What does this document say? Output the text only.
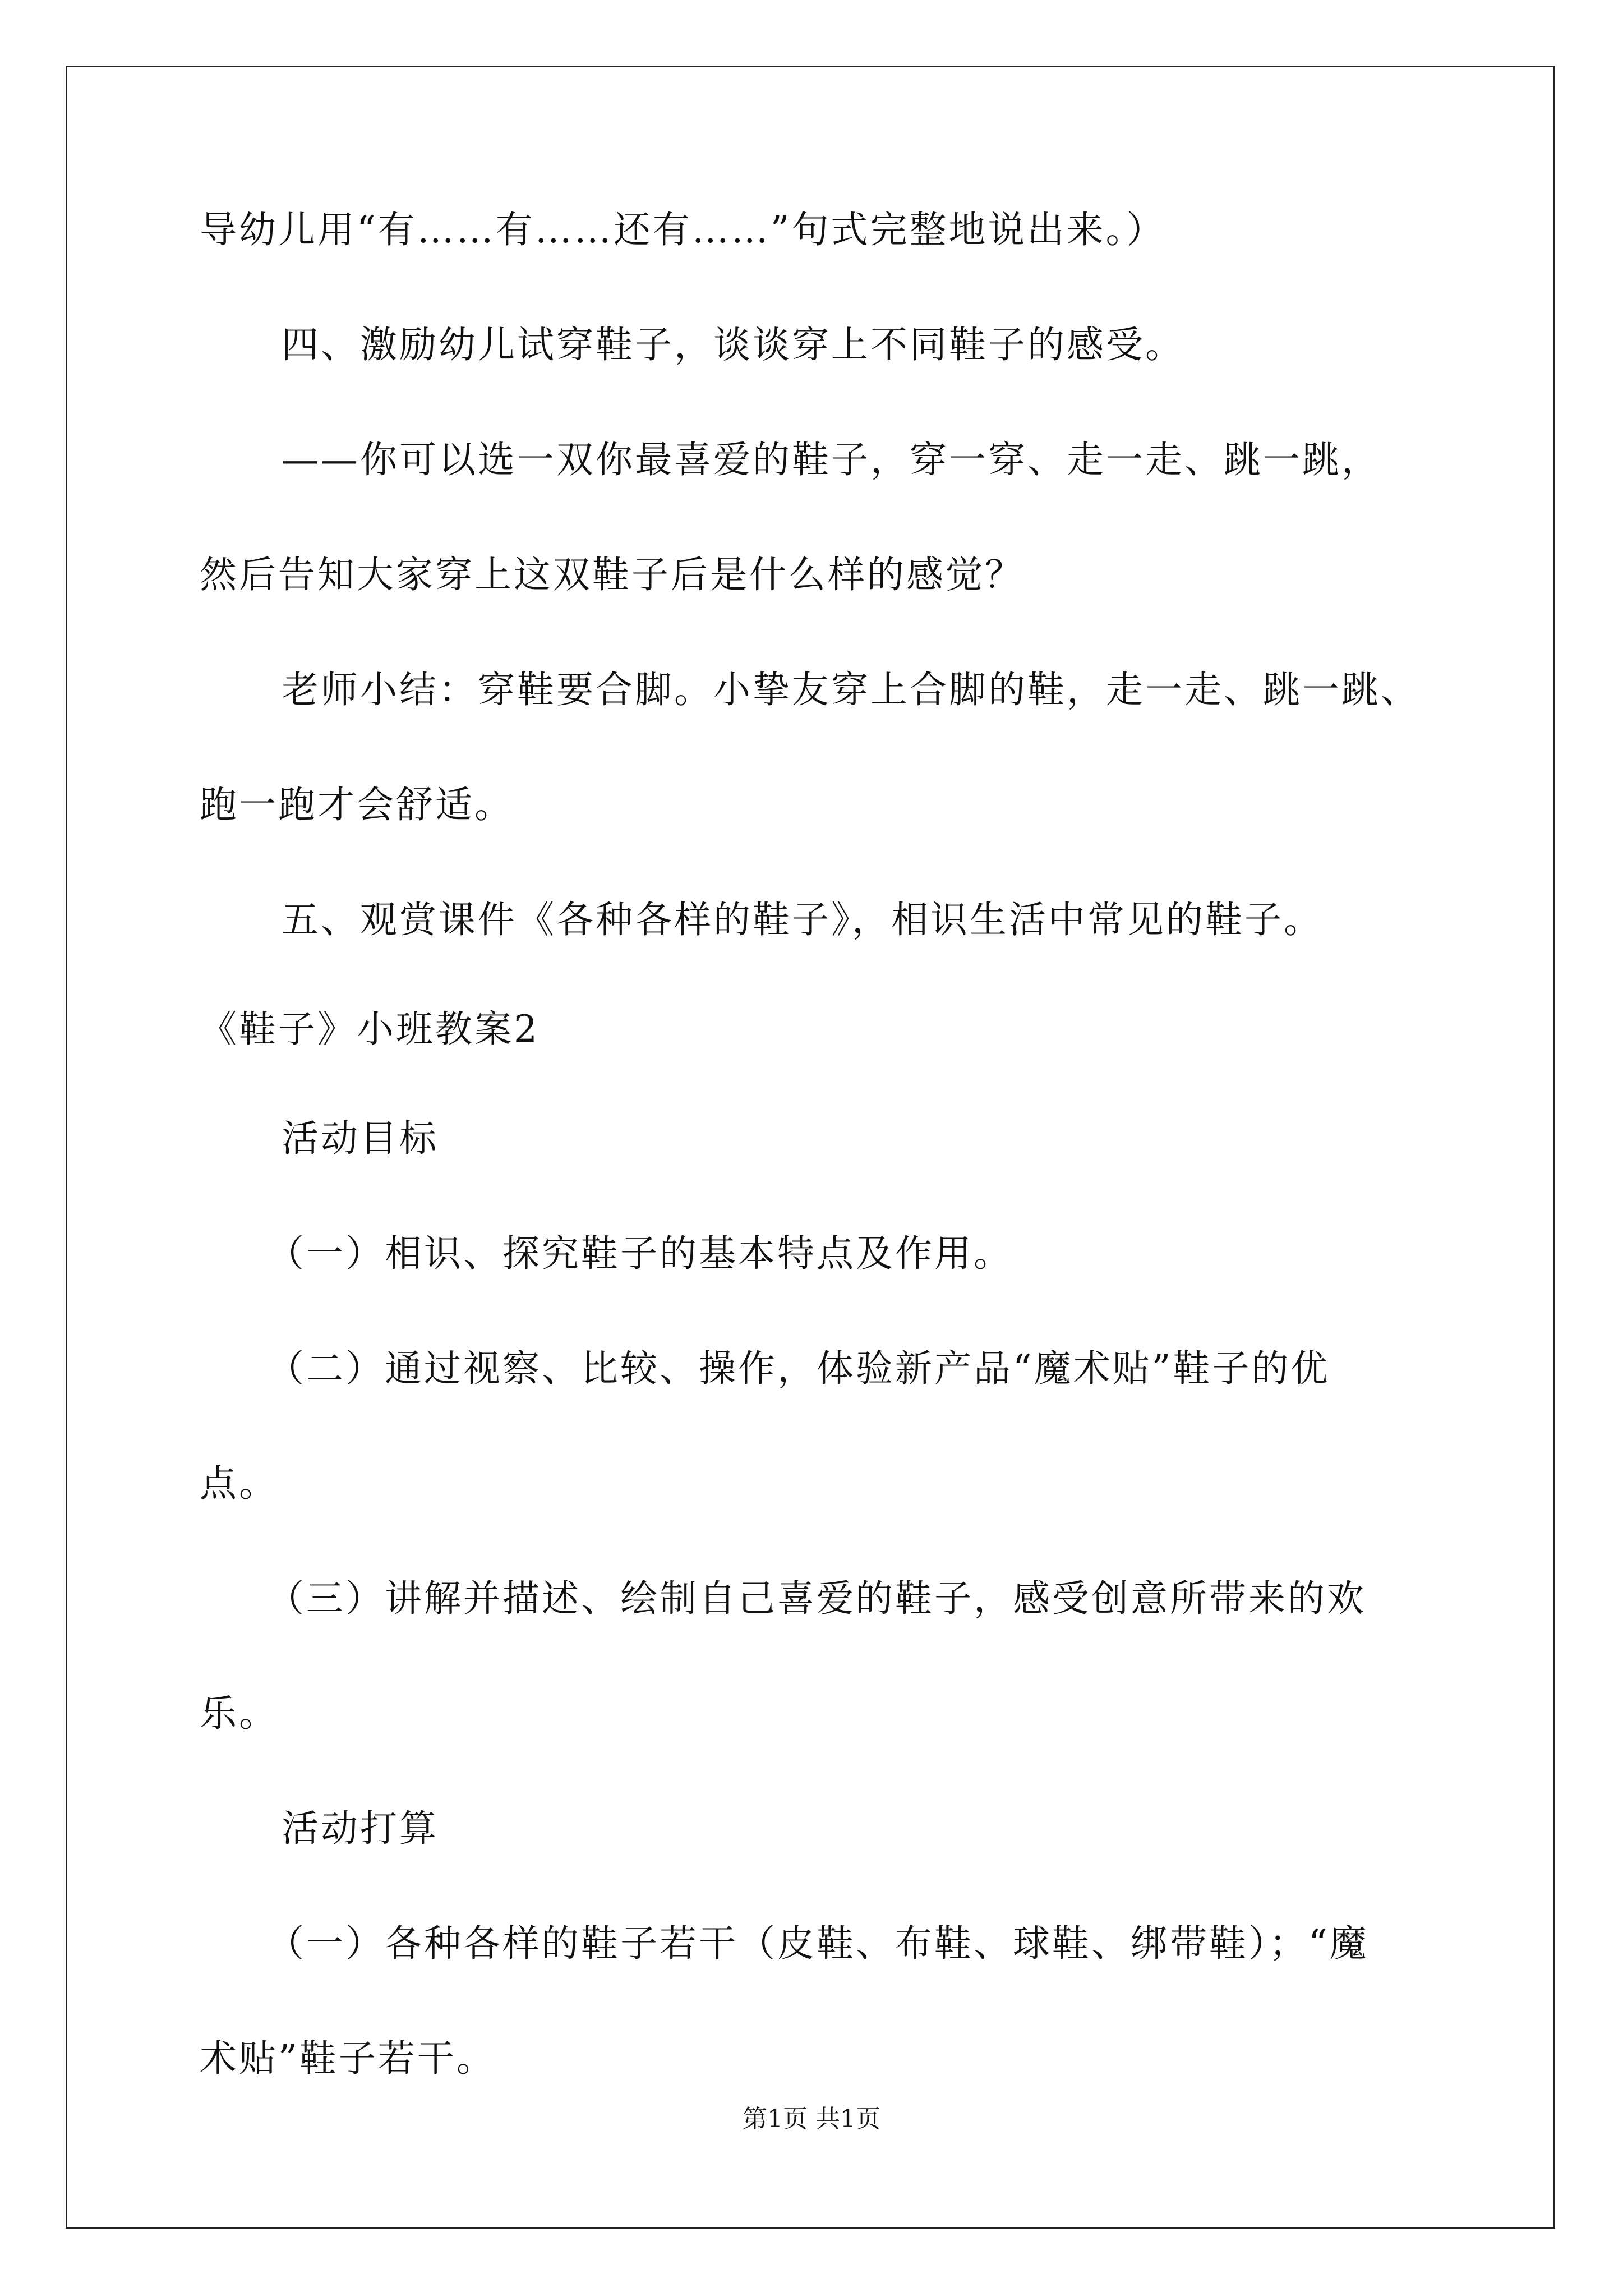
导幼儿用“有……有……还有……”句式完整地说出来。）
四、激励幼儿试穿鞋子，谈谈穿上不同鞋子的感受。
——你可以选一双你最喜爱的鞋子，穿一穿、走一走、跳一跳，
然后告知大家穿上这双鞋子后是什么样的感觉？
老师小结：穿鞋要合脚。小挚友穿上合脚的鞋，走一走、跳一跳、
跑一跑才会舒适。
五、观赏课件《各种各样的鞋子》，相识生活中常见的鞋子。
《鞋子》小班教案2
活动目标
（一）相识、探究鞋子的基本特点及作用。
（二）通过视察、比较、操作，体验新产品“魔术贴”鞋子的优
点。
（三）讲解并描述、绘制自己喜爱的鞋子，感受创意所带来的欢
乐。
活动打算
（一）各种各样的鞋子若干（皮鞋、布鞋、球鞋、绑带鞋）；“魔
术贴”鞋子若干。
第1页 共1页
